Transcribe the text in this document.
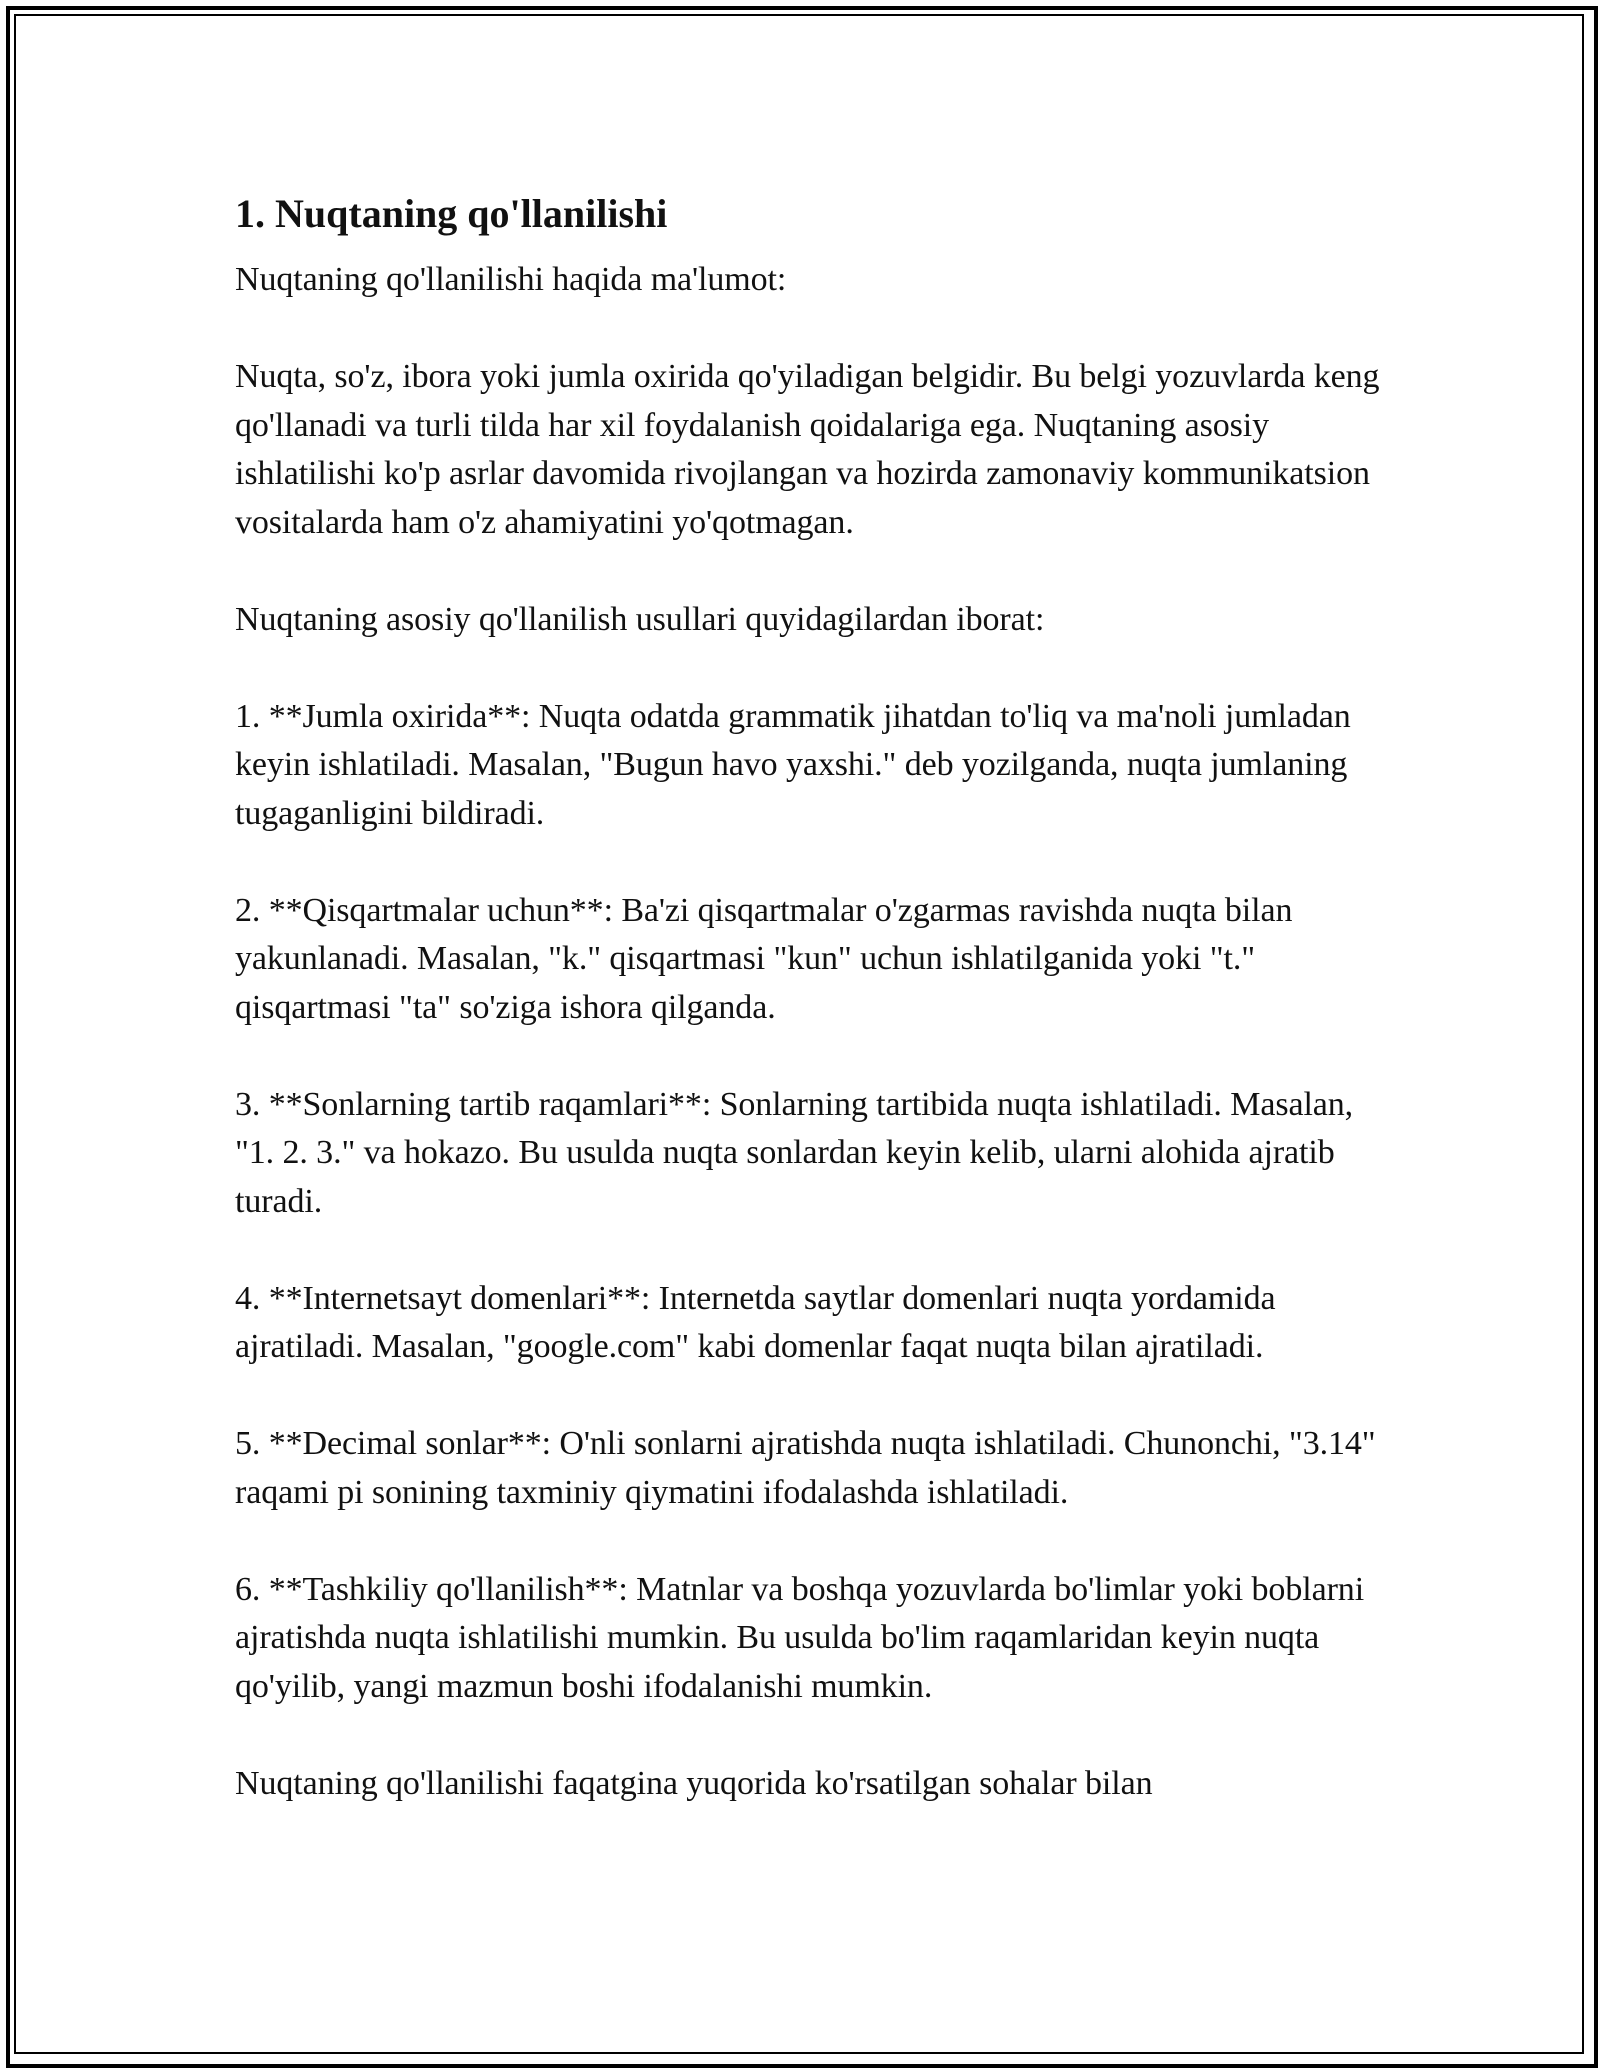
1. Nuqtaning qo'llanilishi

Nuqtaning qo'llanilishi haqida ma'lumot:

Nuqta, so'z, ibora yoki jumla oxirida qo'yiladigan belgidir. Bu belgi yozuvlarda keng qo'llanadi va turli tilda har xil foydalanish qoidalariga ega. Nuqtaning asosiy ishlatilishi ko'p asrlar davomida rivojlangan va hozirda zamonaviy kommunikatsion vositalarda ham o'z ahamiyatini yo'qotmagan.

Nuqtaning asosiy qo'llanilish usullari quyidagilardan iborat:

1. **Jumla oxirida**: Nuqta odatda grammatik jihatdan to'liq va ma'noli jumladan keyin ishlatiladi. Masalan, "Bugun havo yaxshi." deb yozilganda, nuqta jumlaning tugaganligini bildiradi.

2. **Qisqartmalar uchun**: Ba'zi qisqartmalar o'zgarmas ravishda nuqta bilan yakunlanadi. Masalan, "k." qisqartmasi "kun" uchun ishlatilganida yoki "t." qisqartmasi "ta" so'ziga ishora qilganda.

3. **Sonlarning tartib raqamlari**: Sonlarning tartibida nuqta ishlatiladi. Masalan, "1. 2. 3." va hokazo. Bu usulda nuqta sonlardan keyin kelib, ularni alohida ajratib turadi.

4. **Internetsayt domenlari**: Internetda saytlar domenlari nuqta yordamida ajratiladi. Masalan, "google.com" kabi domenlar faqat nuqta bilan ajratiladi.

5. **Decimal sonlar**: O'nli sonlarni ajratishda nuqta ishlatiladi. Chunonchi, "3.14" raqami pi sonining taxminiy qiymatini ifodalashda ishlatiladi.

6. **Tashkiliy qo'llanilish**: Matnlar va boshqa yozuvlarda bo'limlar yoki boblarni ajratishda nuqta ishlatilishi mumkin. Bu usulda bo'lim raqamlaridan keyin nuqta qo'yilib, yangi mazmun boshi ifodalanishi mumkin.

Nuqtaning qo'llanilishi faqatgina yuqorida ko'rsatilgan sohalar bilan
